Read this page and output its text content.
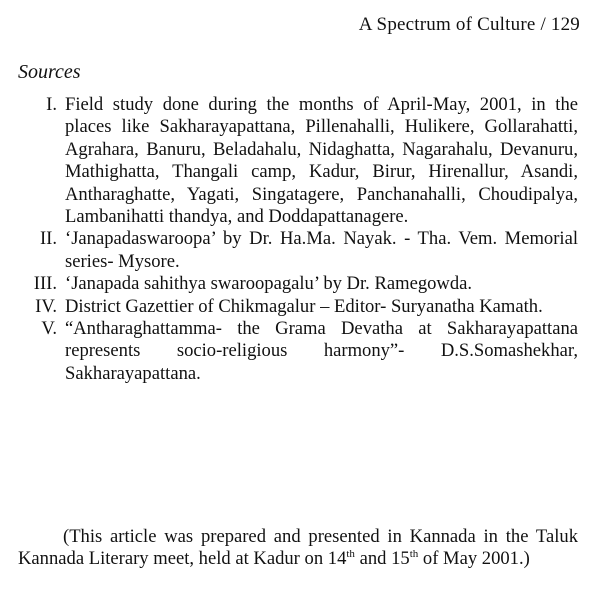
A Spectrum of Culture / 129
Sources
I. Field study done during the months of April-May, 2001, in the places like Sakharayapattana, Pillenahalli, Hulikere, Gollarahatti, Agrahara, Banuru, Beladahalu, Nidaghatta, Nagarahalu, Devanuru, Mathighatta, Thangali camp, Kadur, Birur, Hirenallur, Asandi, Antharaghatte, Yagati, Singatagere, Panchanahalli, Choudipalya, Lambanihatti thandya, and Doddapattanagere.
II. ‘Janapadaswaroopa’ by Dr. Ha.Ma. Nayak. - Tha. Vem. Memorial series- Mysore.
III. ‘Janapada sahithya swaroopagalu’ by Dr. Ramegowda.
IV. District Gazettier of Chikmagalur – Editor- Suryanatha Kamath.
V. “Antharaghattamma- the Grama Devatha at Sakharayapattana represents socio-religious harmony”- D.S.Somashekhar, Sakharayapattana.
(This article was prepared and presented in Kannada in the Taluk Kannada Literary meet, held at Kadur on 14th and 15th of May 2001.)
